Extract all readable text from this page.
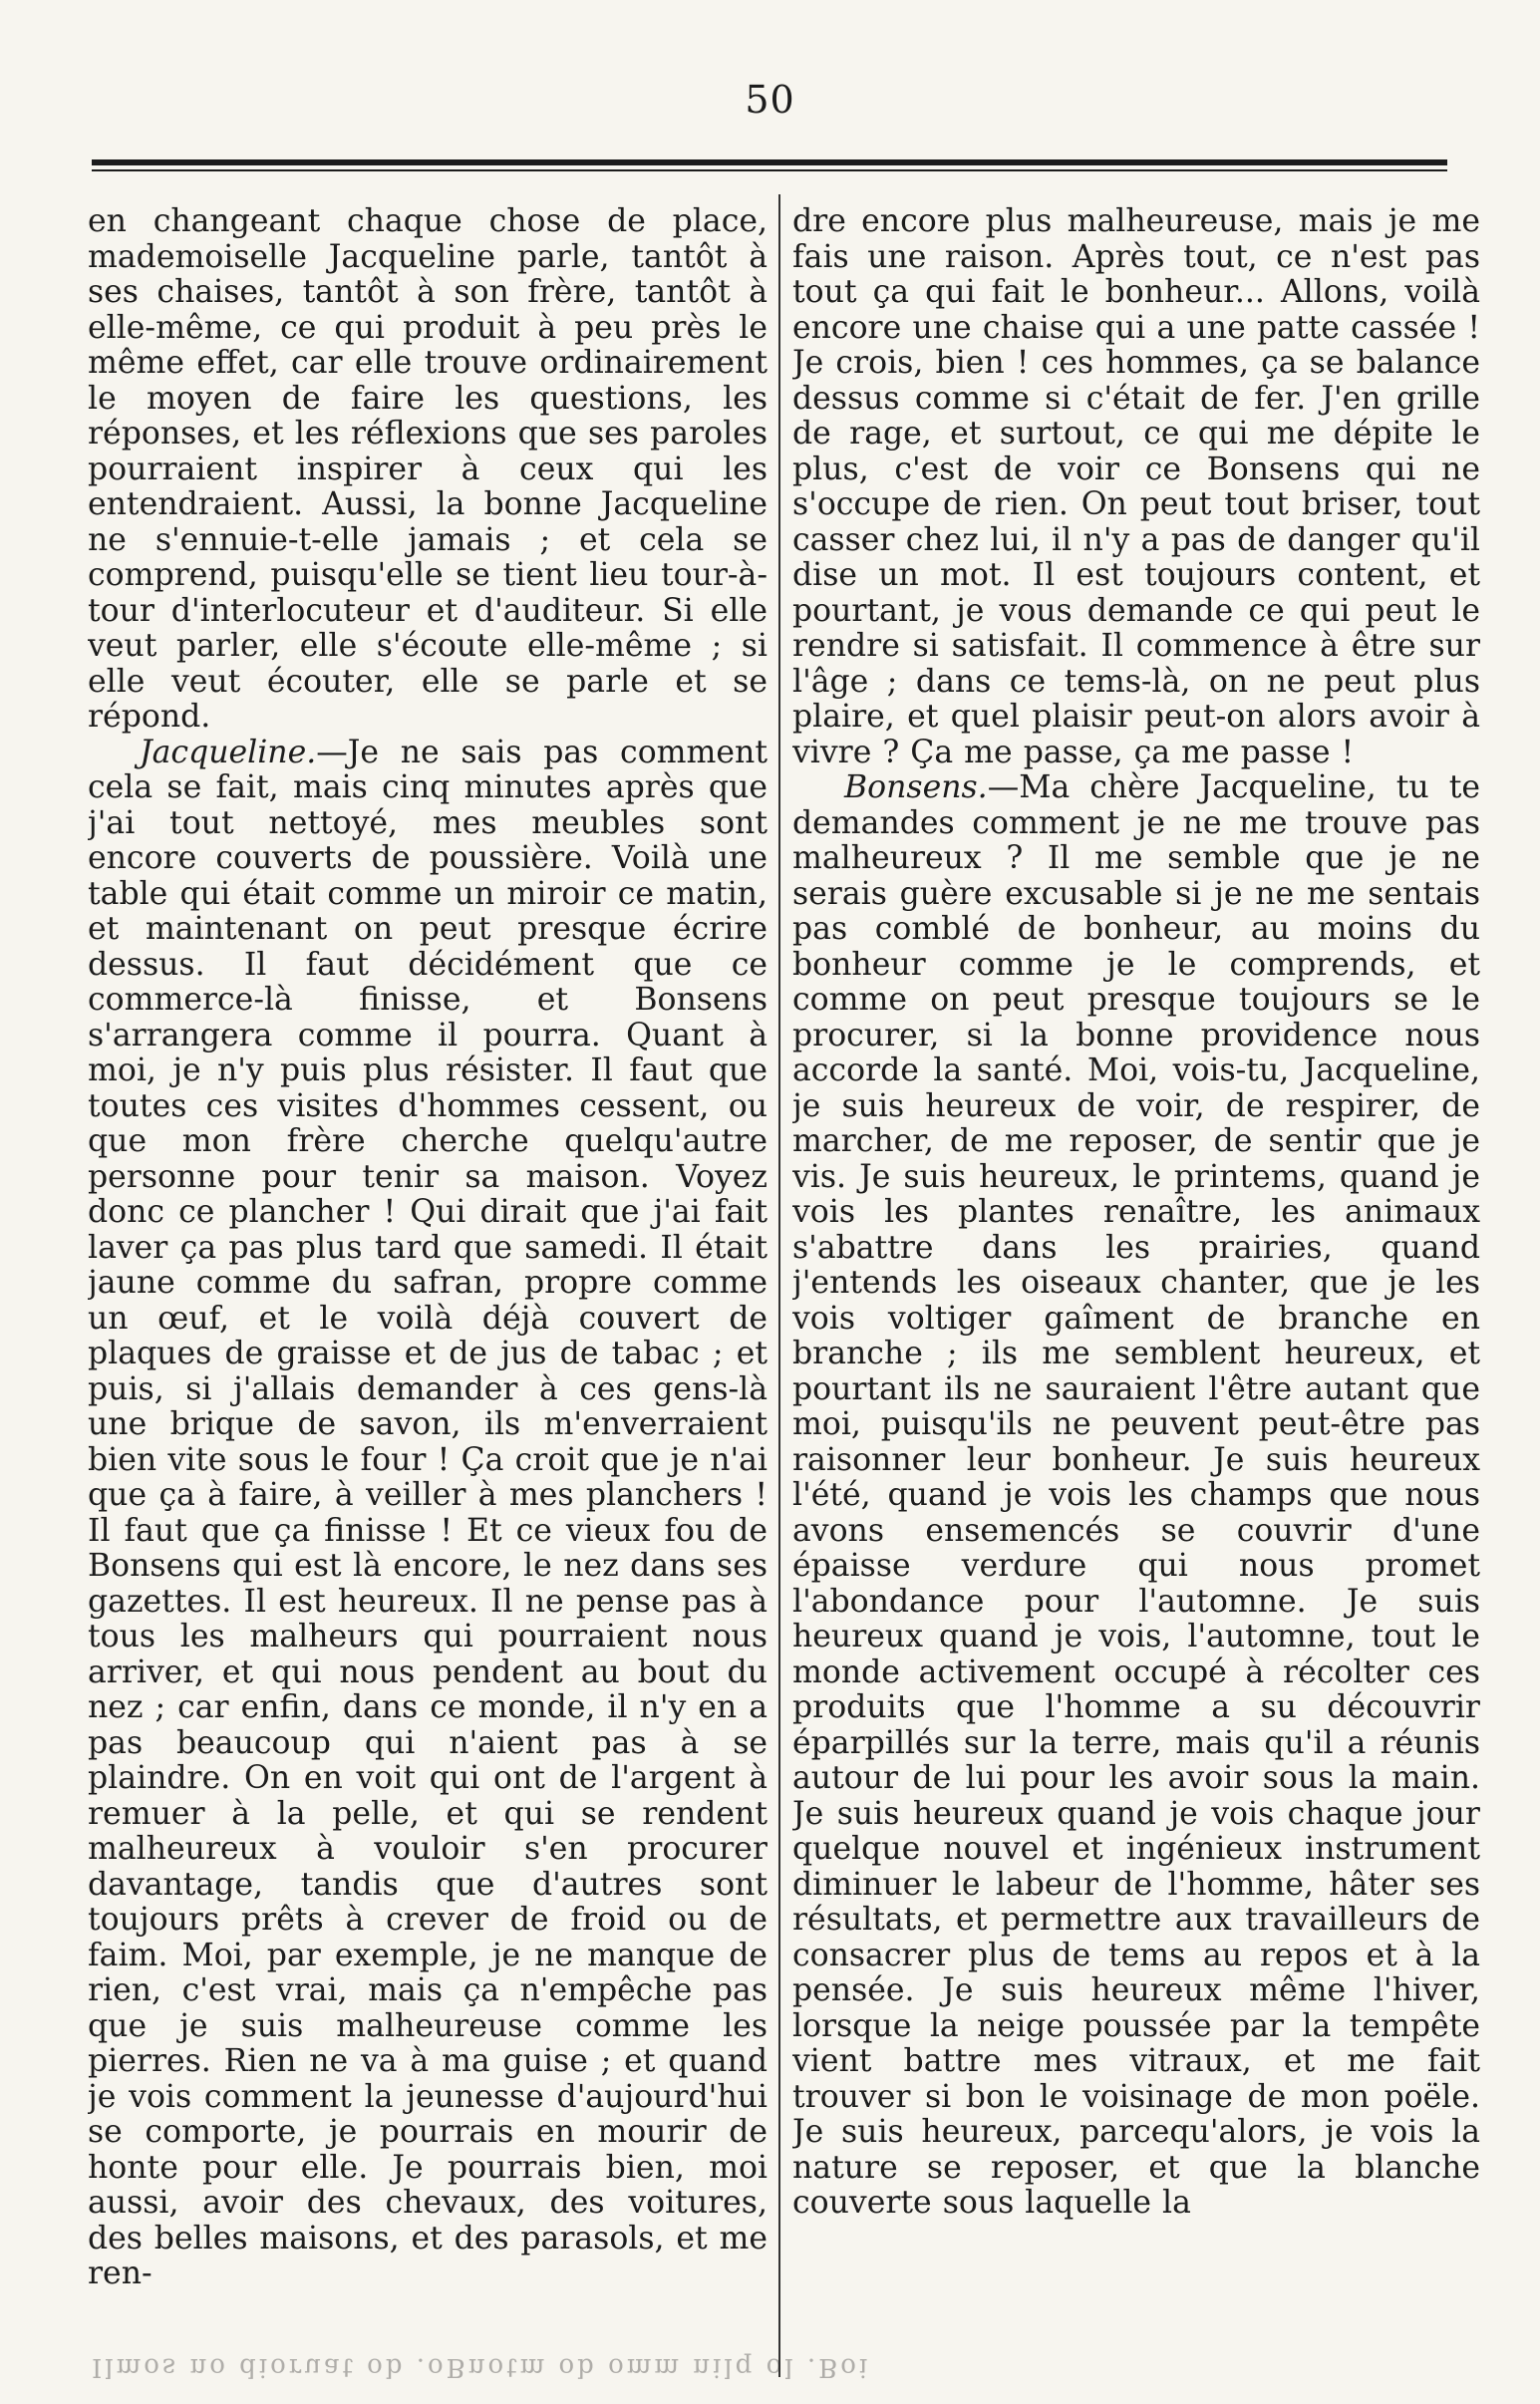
50

en changeant chaque chose de place, mademoiselle Jacqueline parle, tantôt à ses chaises, tantôt à son frère, tantôt à elle-même, ce qui produit à peu près le même effet, car elle trouve ordinairement le moyen de faire les questions, les réponses, et les réflexions que ses paroles pourraient inspirer à ceux qui les entendraient. Aussi, la bonne Jacqueline ne s'ennuie-t-elle jamais ; et cela se comprend, puisqu'elle se tient lieu tour-à-tour d'interlocuteur et d'auditeur. Si elle veut parler, elle s'écoute elle-même ; si elle veut écouter, elle se parle et se répond.

Jacqueline.—Je ne sais pas comment cela se fait, mais cinq minutes après que j'ai tout nettoyé, mes meubles sont encore couverts de poussière. Voilà une table qui était comme un miroir ce matin, et maintenant on peut presque écrire dessus. Il faut décidément que ce commerce-là finisse, et Bonsens s'arrangera comme il pourra. Quant à moi, je n'y puis plus résister. Il faut que toutes ces visites d'hommes cessent, ou que mon frère cherche quelqu'autre personne pour tenir sa maison. Voyez donc ce plancher ! Qui dirait que j'ai fait laver ça pas plus tard que samedi. Il était jaune comme du safran, propre comme un œuf, et le voilà déjà couvert de plaques de graisse et de jus de tabac ; et puis, si j'allais demander à ces gens-là une brique de savon, ils m'enverraient bien vite sous le four ! Ça croit que je n'ai que ça à faire, à veiller à mes planchers ! Il faut que ça finisse ! Et ce vieux fou de Bonsens qui est là encore, le nez dans ses gazettes. Il est heureux. Il ne pense pas à tous les malheurs qui pourraient nous arriver, et qui nous pendent au bout du nez ; car enfin, dans ce monde, il n'y en a pas beaucoup qui n'aient pas à se plaindre. On en voit qui ont de l'argent à remuer à la pelle, et qui se rendent malheureux à vouloir s'en procurer davantage, tandis que d'autres sont toujours prêts à crever de froid ou de faim. Moi, par exemple, je ne manque de rien, c'est vrai, mais ça n'empêche pas que je suis malheureuse comme les pierres. Rien ne va à ma guise ; et quand je vois comment la jeunesse d'aujourd'hui se comporte, je pourrais en mourir de honte pour elle. Je pourrais bien, moi aussi, avoir des chevaux, des voitures, des belles maisons, et des parasols, et me ren-

dre encore plus malheureuse, mais je me fais une raison. Après tout, ce n'est pas tout ça qui fait le bonheur... Allons, voilà encore une chaise qui a une patte cassée ! Je crois, bien ! ces hommes, ça se balance dessus comme si c'était de fer. J'en grille de rage, et surtout, ce qui me dépite le plus, c'est de voir ce Bonsens qui ne s'occupe de rien. On peut tout briser, tout casser chez lui, il n'y a pas de danger qu'il dise un mot. Il est toujours content, et pourtant, je vous demande ce qui peut le rendre si satisfait. Il commence à être sur l'âge ; dans ce tems-là, on ne peut plus plaire, et quel plaisir peut-on alors avoir à vivre ? Ça me passe, ça me passe !

Bonsens.—Ma chère Jacqueline, tu te demandes comment je ne me trouve pas malheureux ? Il me semble que je ne serais guère excusable si je ne me sentais pas comblé de bonheur, au moins du bonheur comme je le comprends, et comme on peut presque toujours se le procurer, si la bonne providence nous accorde la santé. Moi, vois-tu, Jacqueline, je suis heureux de voir, de respirer, de marcher, de me reposer, de sentir que je vis. Je suis heureux, le printems, quand je vois les plantes renaître, les animaux s'abattre dans les prairies, quand j'entends les oiseaux chanter, que je les vois voltiger gaîment de branche en branche ; ils me semblent heureux, et pourtant ils ne sauraient l'être autant que moi, puisqu'ils ne peuvent peut-être pas raisonner leur bonheur. Je suis heureux l'été, quand je vois les champs que nous avons ensemencés se couvrir d'une épaisse verdure qui nous promet l'abondance pour l'automne. Je suis heureux quand je vois, l'automne, tout le monde activement occupé à récolter ces produits que l'homme a su découvrir éparpillés sur la terre, mais qu'il a réunis autour de lui pour les avoir sous la main. Je suis heureux quand je vois chaque jour quelque nouvel et ingénieux instrument diminuer le labeur de l'homme, hâter ses résultats, et permettre aux travailleurs de consacrer plus de tems au repos et à la pensée. Je suis heureux même l'hiver, lorsque la neige poussée par la tempête vient battre mes vitraux, et me fait trouver si bon le voisinage de mon poële. Je suis heureux, parcequ'alors, je vois la nature se reposer, et que la blanche couverte sous laquelle la

Ilmos no dioruat ob .oBnotm ob omm nilq ol .Boi
